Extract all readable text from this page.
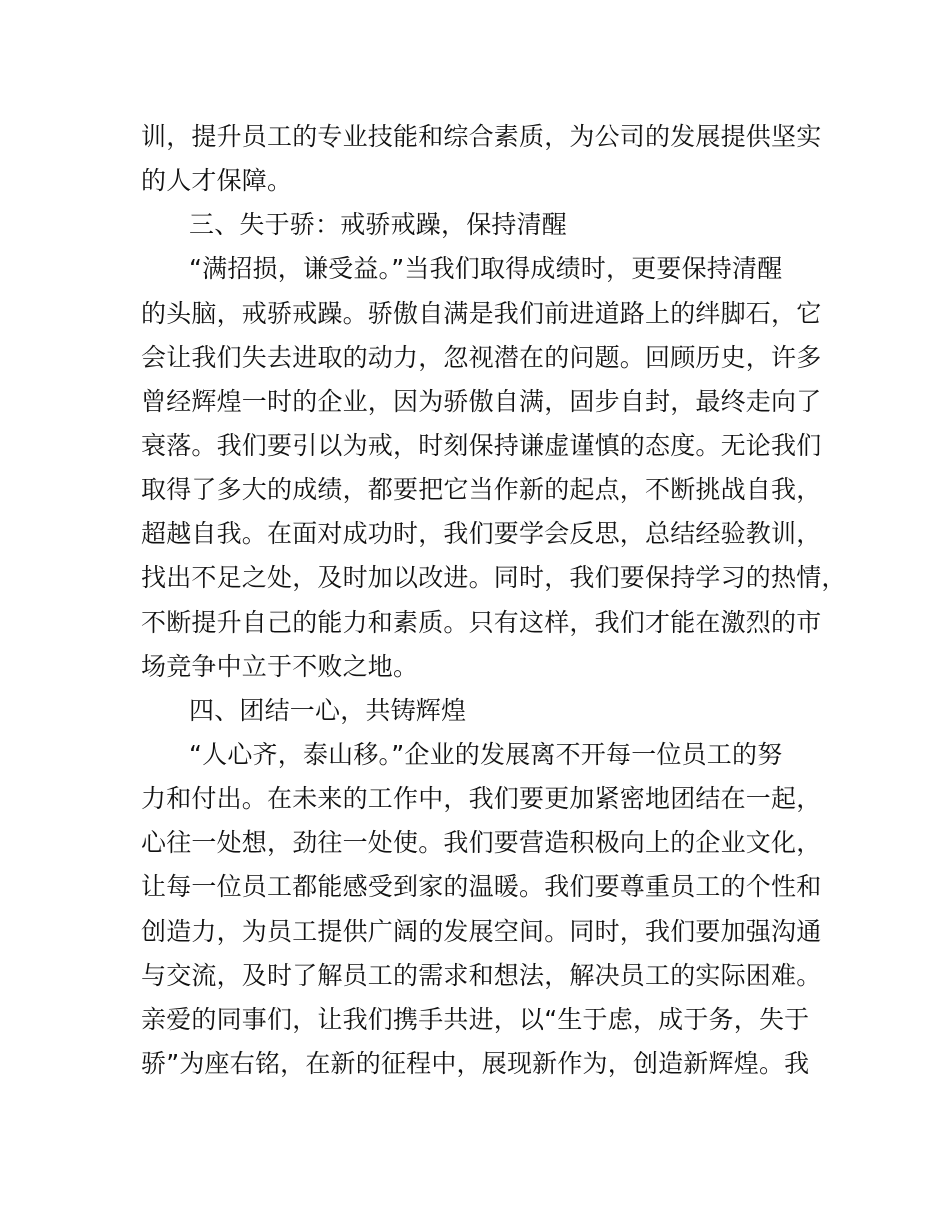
训，提升员工的专业技能和综合素质，为公司的发展提供坚实
的人才保障。
三、失于骄：戒骄戒躁，保持清醒
“满招损，谦受益。”当我们取得成绩时，更要保持清醒
的头脑，戒骄戒躁。骄傲自满是我们前进道路上的绊脚石，它
会让我们失去进取的动力，忽视潜在的问题。回顾历史，许多
曾经辉煌一时的企业，因为骄傲自满，固步自封，最终走向了
衰落。我们要引以为戒，时刻保持谦虚谨慎的态度。无论我们
取得了多大的成绩，都要把它当作新的起点，不断挑战自我，
超越自我。在面对成功时，我们要学会反思，总结经验教训，
找出不足之处，及时加以改进。同时，我们要保持学习的热情，
不断提升自己的能力和素质。只有这样，我们才能在激烈的市
场竞争中立于不败之地。
四、团结一心，共铸辉煌
“人心齐，泰山移。”企业的发展离不开每一位员工的努
力和付出。在未来的工作中，我们要更加紧密地团结在一起，
心往一处想，劲往一处使。我们要营造积极向上的企业文化，
让每一位员工都能感受到家的温暖。我们要尊重员工的个性和
创造力，为员工提供广阔的发展空间。同时，我们要加强沟通
与交流，及时了解员工的需求和想法，解决员工的实际困难。
亲爱的同事们，让我们携手共进，以“生于虑，成于务，失于
骄”为座右铭，在新的征程中，展现新作为，创造新辉煌。我
